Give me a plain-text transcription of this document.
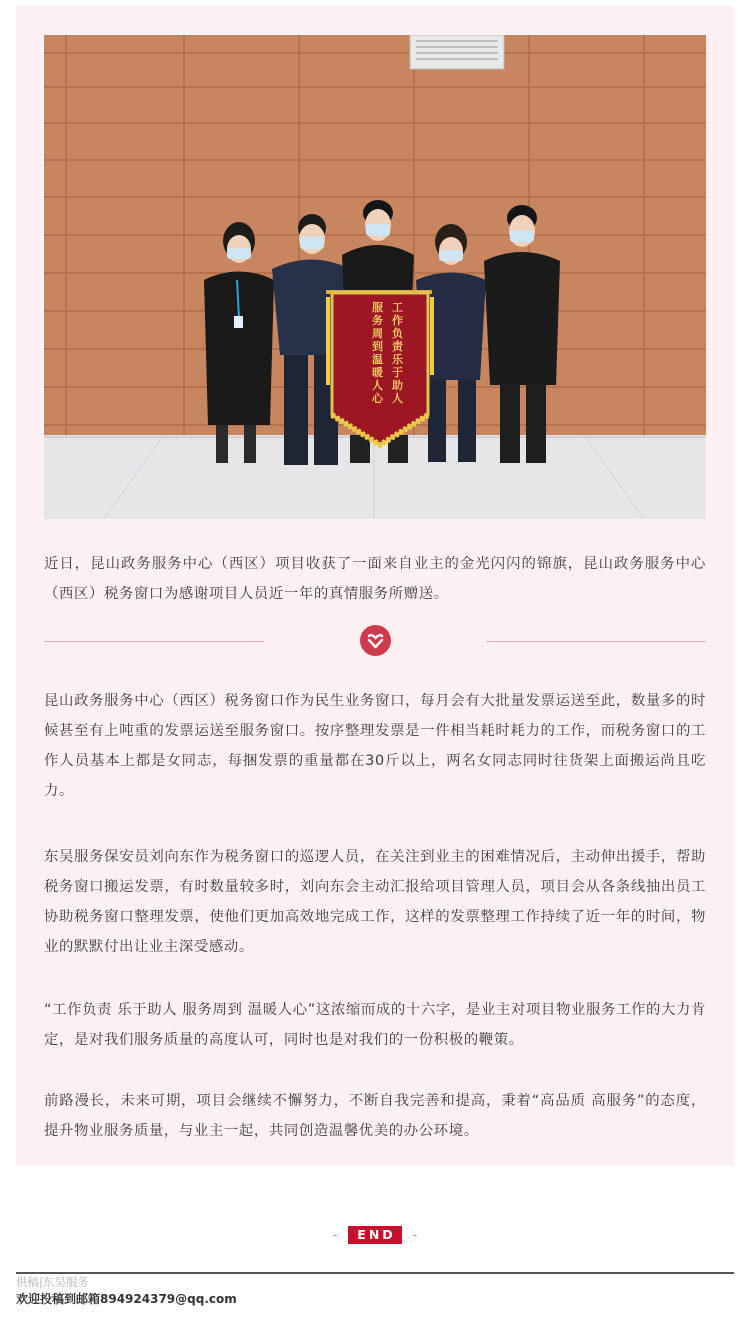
工作负责 乐于助人
服务周到 温暖人心

近日，昆山政务服务中心（西区）项目收获了一面来自业主的金光闪闪的锦旗，昆山政务服务中心（西区）税务窗口为感谢项目人员近一年的真情服务所赠送。

昆山政务服务中心（西区）税务窗口作为民生业务窗口，每月会有大批量发票运送至此，数量多的时候甚至有上吨重的发票运送至服务窗口。按序整理发票是一件相当耗时耗力的工作，而税务窗口的工作人员基本上都是女同志，每捆发票的重量都在30斤以上，两名女同志同时往货架上面搬运尚且吃力。

东吴服务保安员刘向东作为税务窗口的巡逻人员，在关注到业主的困难情况后，主动伸出援手，帮助税务窗口搬运发票，有时数量较多时，刘向东会主动汇报给项目管理人员，项目会从各条线抽出员工协助税务窗口整理发票，使他们更加高效地完成工作，这样的发票整理工作持续了近一年的时间，物业的默默付出让业主深受感动。

“工作负责 乐于助人 服务周到 温暖人心”这浓缩而成的十六字，是业主对项目物业服务工作的大力肯定，是对我们服务质量的高度认可，同时也是对我们的一份积极的鞭策。

前路漫长，未来可期，项目会继续不懈努力，不断自我完善和提高，秉着“高品质 高服务”的态度，提升物业服务质量，与业主一起，共同创造温馨优美的办公环境。

- END -
供稿|东吴服务
欢迎投稿到邮箱894924379@qq.com
